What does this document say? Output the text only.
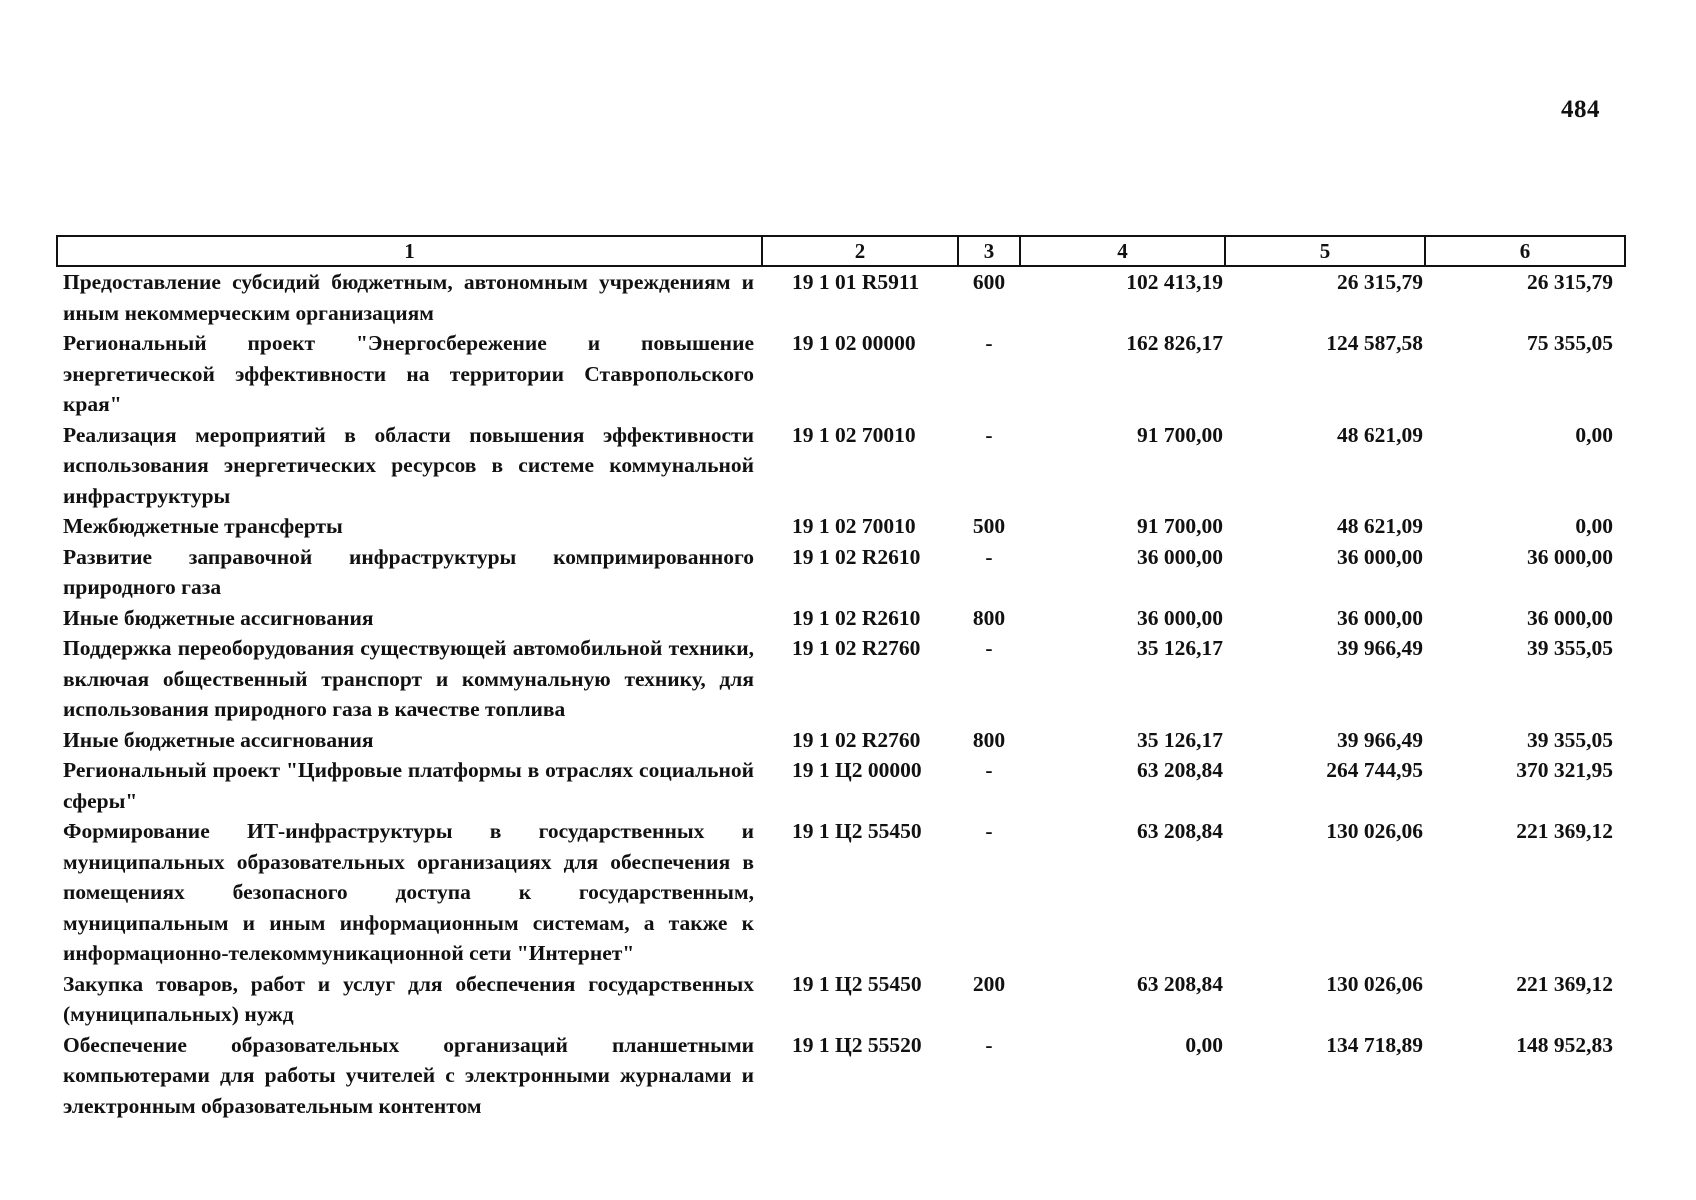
484
1	2	3	4	5	6
Предоставление субсидий бюджетным, автономным учреждениям и иным некоммерческим организациям	19 1 01 R5911	600	102 413,19	26 315,79	26 315,79
Региональный проект "Энергосбережение и повышение энергетической эффективности на территории Ставропольского края"	19 1 02 00000	-	162 826,17	124 587,58	75 355,05
Реализация мероприятий в области повышения эффективности использования энергетических ресурсов в системе коммунальной инфраструктуры	19 1 02 70010	-	91 700,00	48 621,09	0,00
Межбюджетные трансферты	19 1 02 70010	500	91 700,00	48 621,09	0,00
Развитие заправочной инфраструктуры компримированного природного газа	19 1 02 R2610	-	36 000,00	36 000,00	36 000,00
Иные бюджетные ассигнования	19 1 02 R2610	800	36 000,00	36 000,00	36 000,00
Поддержка переоборудования существующей автомобильной техники, включая общественный транспорт и коммунальную технику, для использования природного газа в качестве топлива	19 1 02 R2760	-	35 126,17	39 966,49	39 355,05
Иные бюджетные ассигнования	19 1 02 R2760	800	35 126,17	39 966,49	39 355,05
Региональный проект "Цифровые платформы в отраслях социальной сферы"	19 1 Ц2 00000	-	63 208,84	264 744,95	370 321,95
Формирование ИТ-инфраструктуры в государственных и муниципальных образовательных организациях для обеспечения в помещениях безопасного доступа к государственным, муниципальным и иным информационным системам, а также к информационно-телекоммуникационной сети "Интернет"	19 1 Ц2 55450	-	63 208,84	130 026,06	221 369,12
Закупка товаров, работ и услуг для обеспечения государственных (муниципальных) нужд	19 1 Ц2 55450	200	63 208,84	130 026,06	221 369,12
Обеспечение образовательных организаций планшетными компьютерами для работы учителей с электронными журналами и электронным образовательным контентом	19 1 Ц2 55520	-	0,00	134 718,89	148 952,83
